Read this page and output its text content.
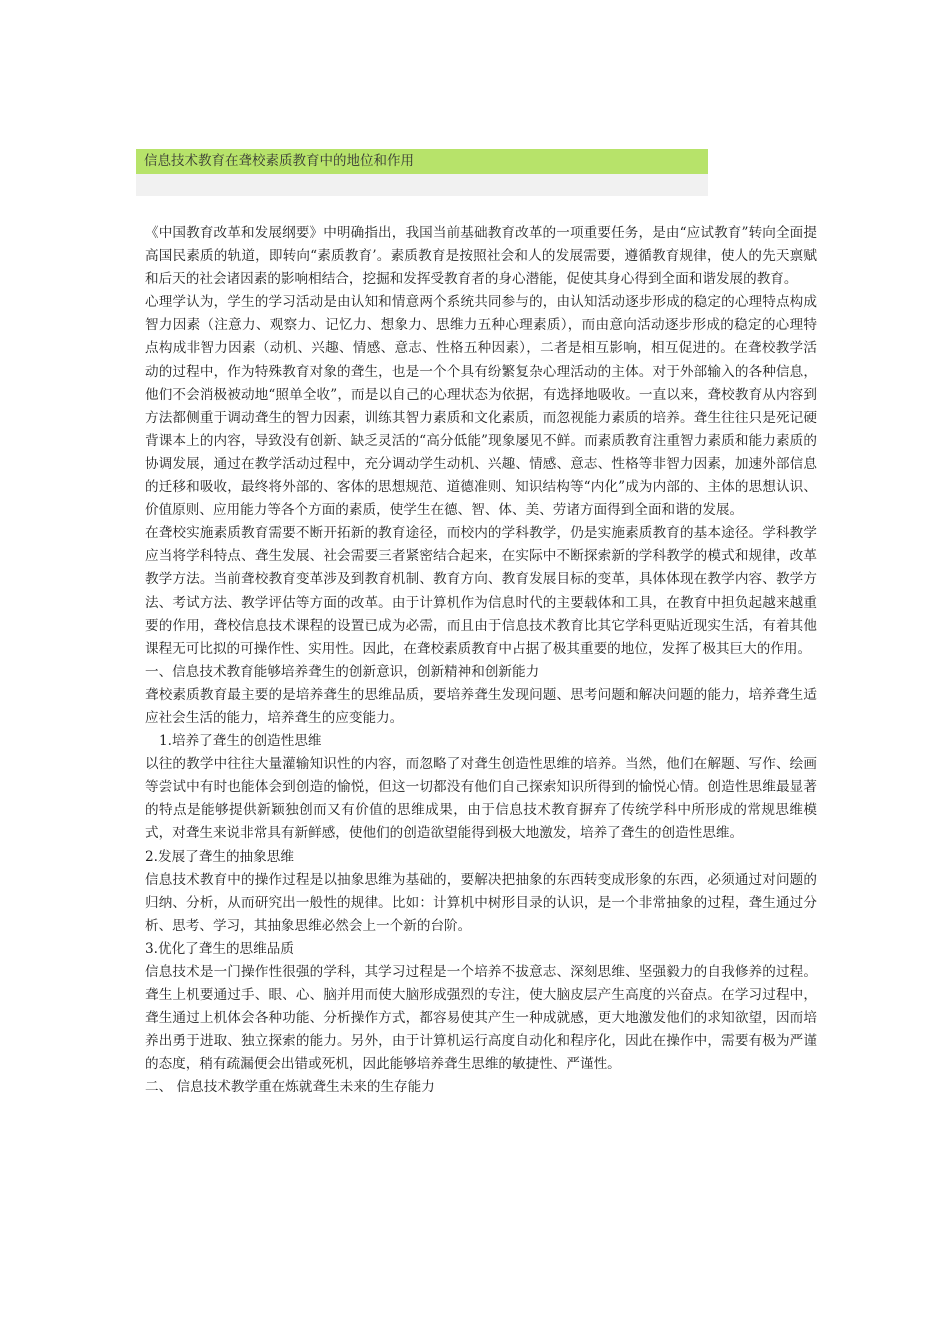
信息技术教育在聋校素质教育中的地位和作用

《中国教育改革和发展纲要》中明确指出，我国当前基础教育改革的一项重要任务，是由“应试教育”转向全面提高国民素质的轨道，即转向“素质教育’。素质教育是按照社会和人的发展需要，遵循教育规律，使人的先天禀赋和后天的社会诸因素的影响相结合，挖掘和发挥受教育者的身心潜能，促使其身心得到全面和谐发展的教育。

心理学认为，学生的学习活动是由认知和情意两个系统共同参与的，由认知活动逐步形成的稳定的心理特点构成智力因素（注意力、观察力、记忆力、想象力、思维力五种心理素质），而由意向活动逐步形成的稳定的心理特点构成非智力因素（动机、兴趣、情感、意志、性格五种因素），二者是相互影响，相互促进的。在聋校教学活动的过程中，作为特殊教育对象的聋生，也是一个个具有纷繁复杂心理活动的主体。对于外部输入的各种信息，他们不会消极被动地“照单全收”，而是以自己的心理状态为依据，有选择地吸收。一直以来，聋校教育从内容到方法都侧重于调动聋生的智力因素，训练其智力素质和文化素质，而忽视能力素质的培养。聋生往往只是死记硬背课本上的内容，导致没有创新、缺乏灵活的“高分低能”现象屡见不鲜。而素质教育注重智力素质和能力素质的协调发展，通过在教学活动过程中，充分调动学生动机、兴趣、情感、意志、性格等非智力因素，加速外部信息的迁移和吸收，最终将外部的、客体的思想规范、道德准则、知识结构等“内化”成为内部的、主体的思想认识、价值原则、应用能力等各个方面的素质，使学生在德、智、体、美、劳诸方面得到全面和谐的发展。

在聋校实施素质教育需要不断开拓新的教育途径，而校内的学科教学，仍是实施素质教育的基本途径。学科教学应当将学科特点、聋生发展、社会需要三者紧密结合起来，在实际中不断探索新的学科教学的模式和规律，改革教学方法。当前聋校教育变革涉及到教育机制、教育方向、教育发展目标的变革，具体体现在教学内容、教学方法、考试方法、教学评估等方面的改革。由于计算机作为信息时代的主要载体和工具，在教育中担负起越来越重要的作用，聋校信息技术课程的设置已成为必需，而且由于信息技术教育比其它学科更贴近现实生活，有着其他课程无可比拟的可操作性、实用性。因此，在聋校素质教育中占据了极其重要的地位，发挥了极其巨大的作用。

一、信息技术教育能够培养聋生的创新意识，创新精神和创新能力

聋校素质教育最主要的是培养聋生的思维品质，要培养聋生发现问题、思考问题和解决问题的能力，培养聋生适应社会生活的能力，培养聋生的应变能力。

1.培养了聋生的创造性思维

以往的教学中往往大量灌输知识性的内容，而忽略了对聋生创造性思维的培养。当然，他们在解题、写作、绘画等尝试中有时也能体会到创造的愉悦，但这一切都没有他们自己探索知识所得到的愉悦心情。创造性思维最显著的特点是能够提供新颖独创而又有价值的思维成果，由于信息技术教育摒弃了传统学科中所形成的常规思维模式，对聋生来说非常具有新鲜感，使他们的创造欲望能得到极大地激发，培养了聋生的创造性思维。

2.发展了聋生的抽象思维

信息技术教育中的操作过程是以抽象思维为基础的，要解决把抽象的东西转变成形象的东西，必须通过对问题的归纳、分析，从而研究出一般性的规律。比如：计算机中树形目录的认识，是一个非常抽象的过程，聋生通过分析、思考、学习，其抽象思维必然会上一个新的台阶。

3.优化了聋生的思维品质

信息技术是一门操作性很强的学科，其学习过程是一个培养不拔意志、深刻思维、坚强毅力的自我修养的过程。聋生上机要通过手、眼、心、脑并用而使大脑形成强烈的专注，使大脑皮层产生高度的兴奋点。在学习过程中，聋生通过上机体会各种功能、分析操作方式，都容易使其产生一种成就感，更大地激发他们的求知欲望，因而培养出勇于进取、独立探索的能力。另外，由于计算机运行高度自动化和程序化，因此在操作中，需要有极为严谨的态度，稍有疏漏便会出错或死机，因此能够培养聋生思维的敏捷性、严谨性。

二、 信息技术教学重在炼就聋生未来的生存能力
